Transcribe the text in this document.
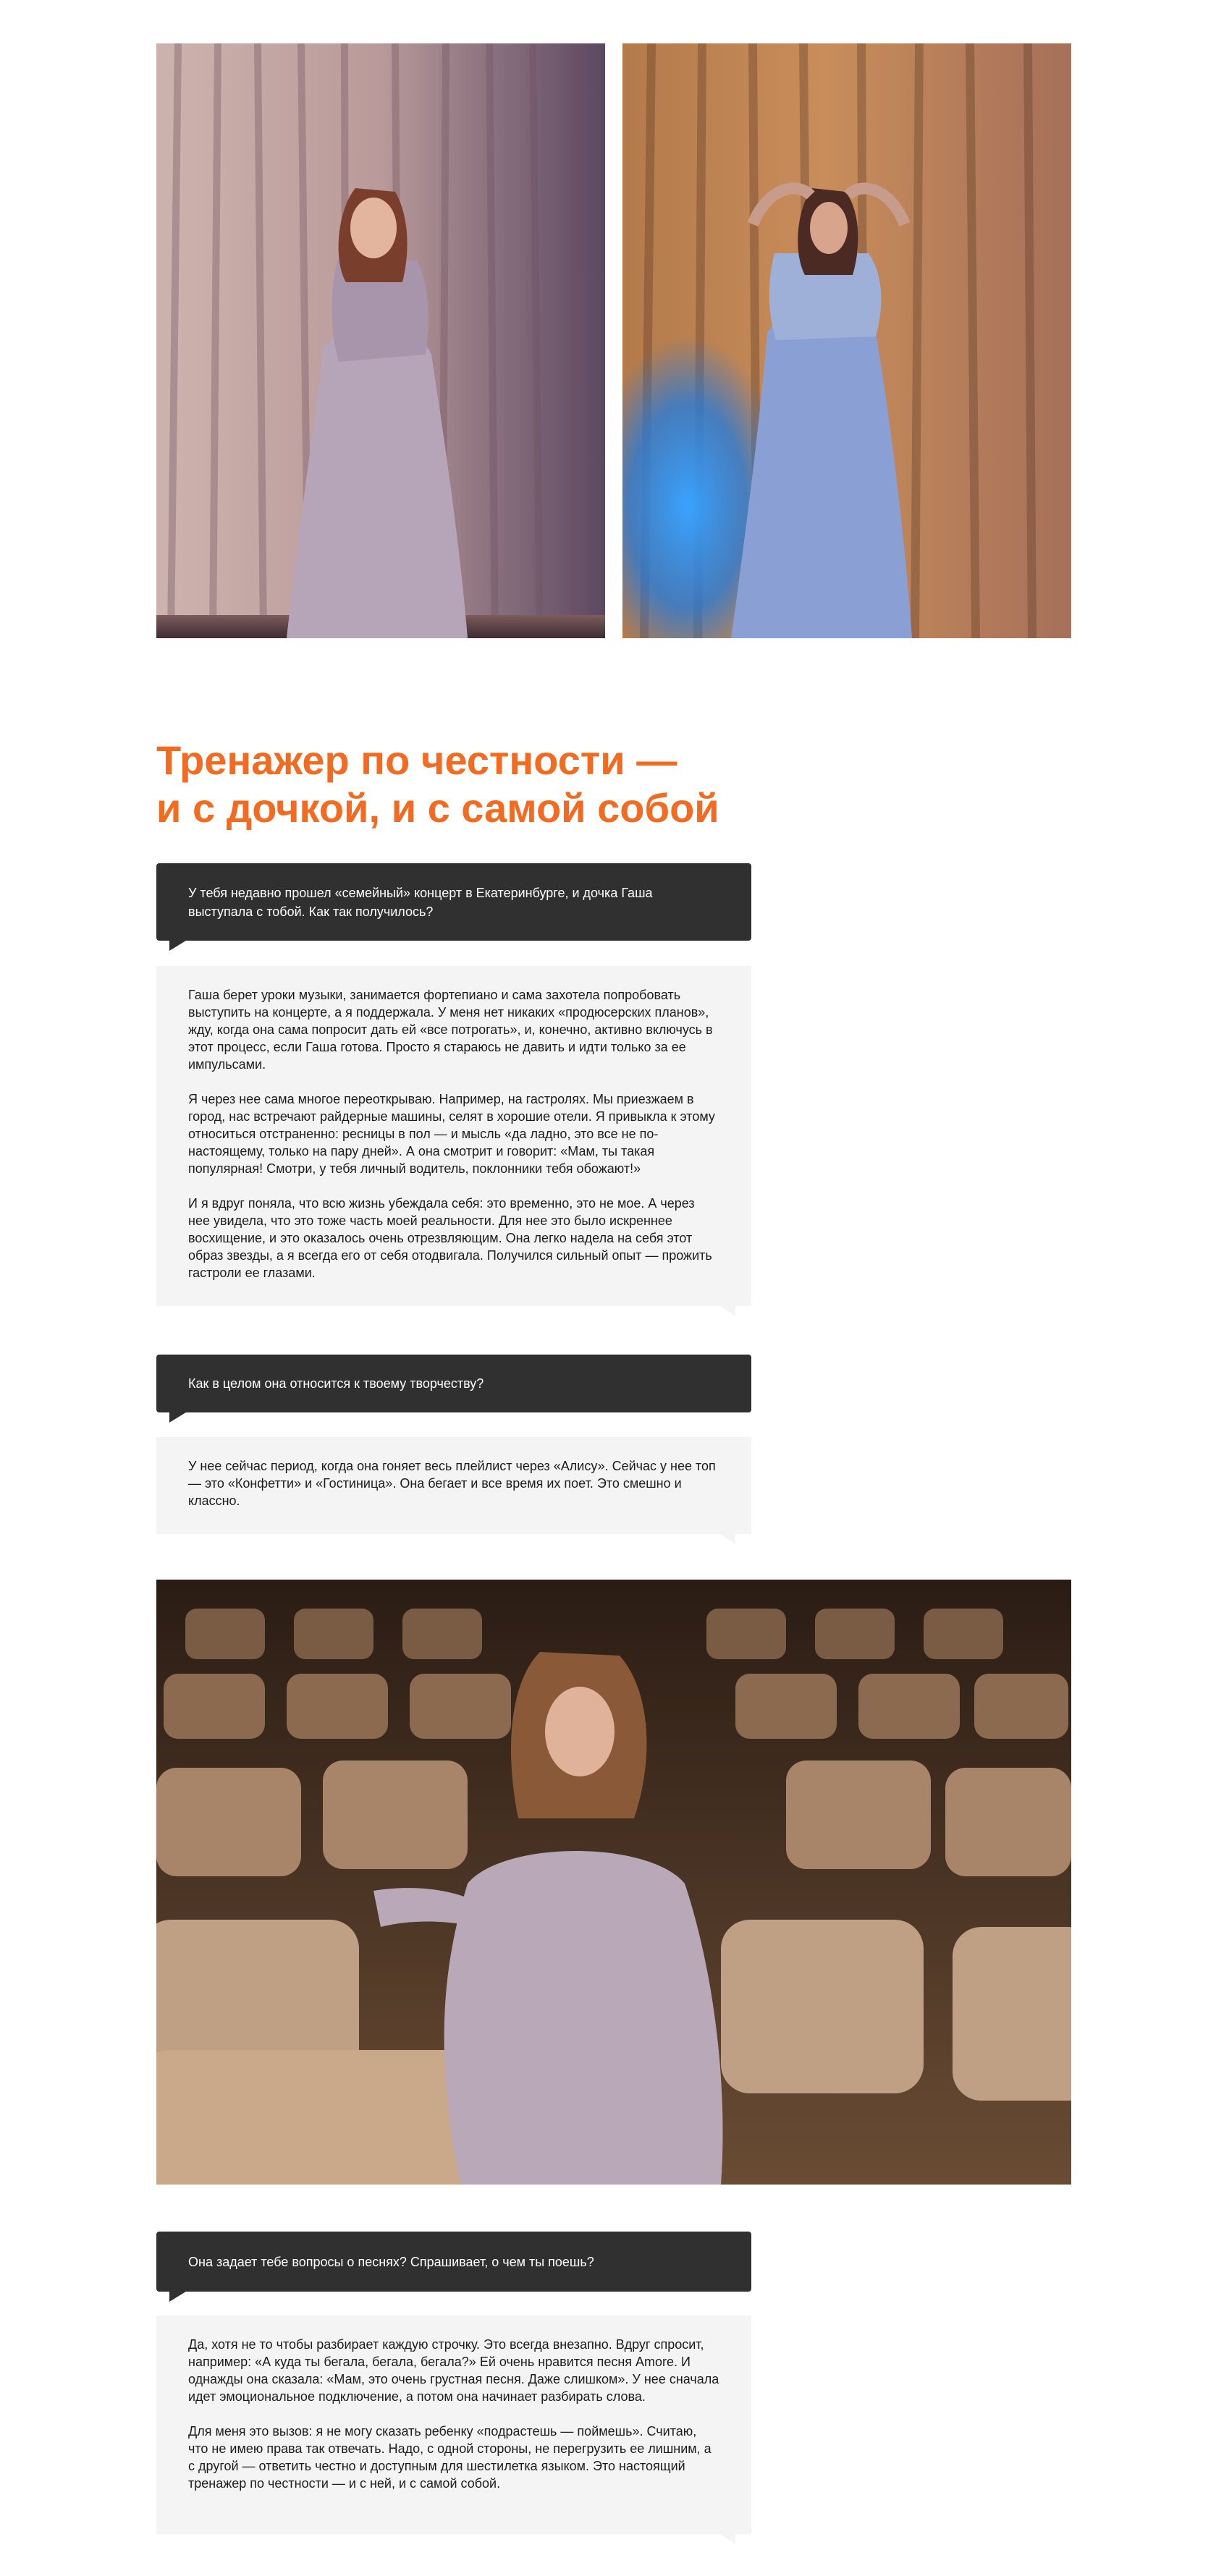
Тренажер по честности —
и с дочкой, и с самой собой
У тебя недавно прошел «семейный» концерт в Екатеринбурге, и дочка Гаша выступала с тобой. Как так получилось?

Гаша берет уроки музыки, занимается фортепиано и сама захотела попробовать выступить на концерте, а я поддержала. У меня нет никаких «продюсерских планов», жду, когда она сама попросит дать ей «все потрогать», и, конечно, активно включусь в этот процесс, если Гаша готова. Просто я стараюсь не давить и идти только за ее импульсами.

Я через нее сама многое переоткрываю. Например, на гастролях. Мы приезжаем в город, нас встречают райдерные машины, селят в хорошие отели. Я привыкла к этому относиться отстраненно: ресницы в пол — и мысль «да ладно, это все не по-настоящему, только на пару дней». А она смотрит и говорит: «Мам, ты такая популярная! Смотри, у тебя личный водитель, поклонники тебя обожают!»

И я вдруг поняла, что всю жизнь убеждала себя: это временно, это не мое. А через нее увидела, что это тоже часть моей реальности. Для нее это было искреннее восхищение, и это оказалось очень отрезвляющим. Она легко надела на себя этот образ звезды, а я всегда его от себя отодвигала. Получился сильный опыт — прожить гастроли ее глазами.

Как в целом она относится к твоему творчеству?

У нее сейчас период, когда она гоняет весь плейлист через «Алису». Сейчас у нее топ — это «Конфетти» и «Гостиница». Она бегает и все время их поет. Это смешно и классно.

Она задает тебе вопросы о песнях? Спрашивает, о чем ты поешь?

Да, хотя не то чтобы разбирает каждую строчку. Это всегда внезапно. Вдруг спросит, например: «А куда ты бегала, бегала, бегала?» Ей очень нравится песня Amore. И однажды она сказала: «Мам, это очень грустная песня. Даже слишком». У нее сначала идет эмоциональное подключение, а потом она начинает разбирать слова.

Для меня это вызов: я не могу сказать ребенку «подрастешь — поймешь». Считаю, что не имею права так отвечать. Надо, с одной стороны, не перегрузить ее лишним, а с другой — ответить честно и доступным для шестилетка языком. Это настоящий тренажер по честности — и с ней, и с самой собой.
